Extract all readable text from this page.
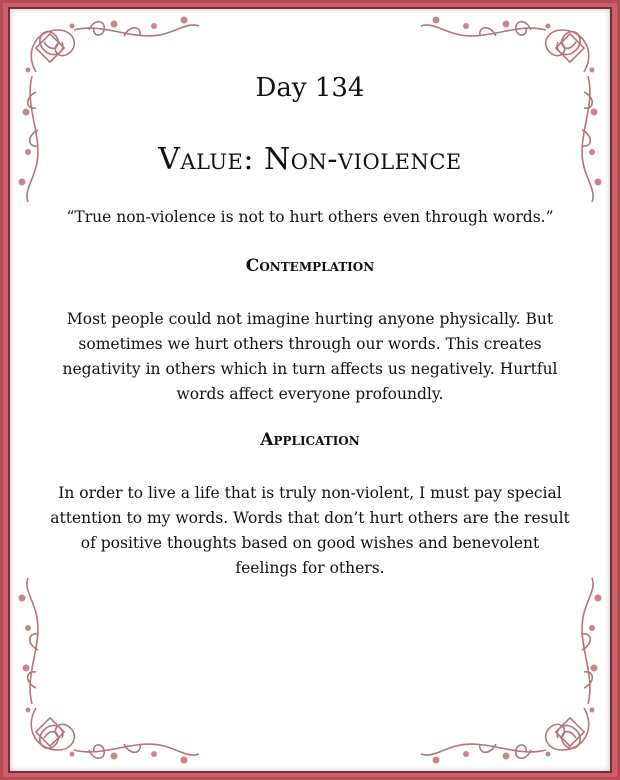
Day 134
Value: Non-violence
“True non-violence is not to hurt others even through words.”
Contemplation
Most people could not imagine hurting anyone physically. But sometimes we hurt others through our words. This creates negativity in others which in turn affects us negatively. Hurtful words affect everyone profoundly.
Application
In order to live a life that is truly non-violent, I must pay special attention to my words. Words that don’t hurt others are the result of positive thoughts based on good wishes and benevolent feelings for others.
